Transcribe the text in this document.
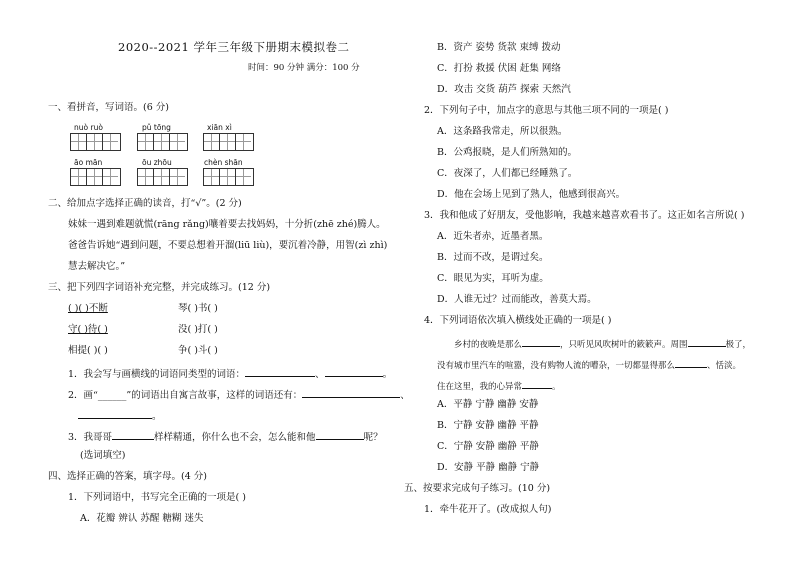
2020--2021 学年三年级下册期末模拟卷二
时间：90 分钟 满分：100 分
一、看拼音，写词语。(6 分)
nuò ruò	pǔ tōng	xiān xì
āo mān	ōu zhōu	chèn shān
二、给加点字选择正确的读音，打“√”。(2 分)
妹妹一遇到难题就慌(rāng rǎng)嚷着要去找妈妈，十分折(zhē zhé)腾人。
爸爸告诉她“遇到问题，不要总想着开溜(liū liù)，要沉着冷静，用智(zì zhì)
慧去解决它。”
三、把下列四字词语补充完整，并完成练习。(12 分)
( )( )不断	琴( )书( )
守( )待( )	没( )打( )
相提( )( )	争( )斗( )
1．我会写与画横线的词语同类型的词语：	、	。
2．画“______”的词语出自寓言故事，这样的词语还有：	、
。
3．我哥哥	样样精通，你什么也不会，怎么能和他	呢？
(选词填空)
四、选择正确的答案，填字母。(4 分)
1．下列词语中，书写完全正确的一项是( )
A．花瓣 辨认 苏醒 糖糊 迷失
B．资产 姿势 货款 束缚 拨动
C．打扮 救援 伏困 赶集 网络
D．攻击 交货 葫芦 探索 天然汽
2．下列句子中，加点字的意思与其他三项不同的一项是( )
A．这条路我常走，所以很熟。
B．公鸡报晓，是人们所熟知的。
C．夜深了，人们都已经睡熟了。
D．他在会场上见到了熟人，他感到很高兴。
3．我和他成了好朋友，受他影响，我越来越喜欢看书了。这正如名言所说( )
A．近朱者赤，近墨者黑。
B．过而不改，是谓过矣。
C．眼见为实，耳听为虚。
D．人谁无过？过而能改，善莫大焉。
4．下列词语依次填入横线处正确的一项是( )
乡村的夜晚是那么	，只听见风吹树叶的簌簌声。周围	极了，
没有城市里汽车的喧嚣，没有购物人流的嘈杂，一切都显得那么	、恬淡。
住在这里，我的心异常	。
A．平静 宁静 幽静 安静
B．宁静 安静 幽静 平静
C．宁静 安静 幽静 平静
D．安静 平静 幽静 宁静
五、按要求完成句子练习。(10 分)
1．牵牛花开了。(改成拟人句)
